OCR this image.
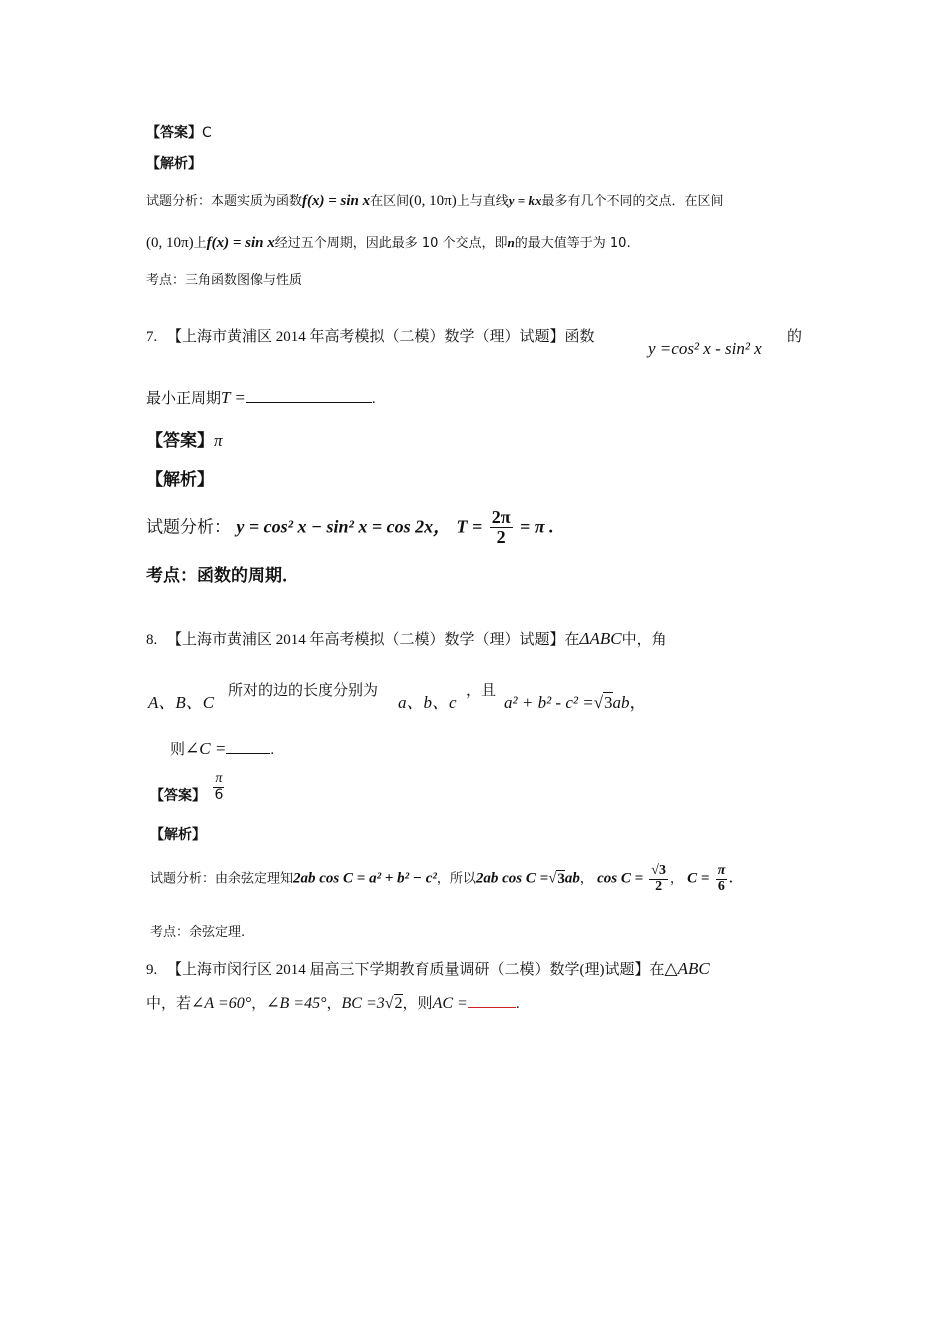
【答案】C
【解析】
试题分析：本题实质为函数f(x) = sin x在区间(0, 10π)上与直线y = kx最多有几个不同的交点．在区间
(0, 10π)上f(x) = sin x经过五个周期，因此最多 10 个交点，即n的最大值等于为 10.
考点：三角函数图像与性质
7. 【上海市黄浦区 2014 年高考模拟（二模）数学（理）试题】函数
y =cos² x - sin² x
的
最小正周期T =	.
【答案】π
【解析】
试题分析： y = cos² x − sin² x = cos 2x， $T = \frac{2\pi}{2} = \pi$ .
考点：函数的周期．
8. 【上海市黄浦区 2014 年高考模拟（二模）数学（理）试题】在ΔABC中，角
A、B、C
所对的边的长度分别为
a、b、c
，且
a² + b² - c² =√3ab，
则∠C =	.
【答案】 $\frac{\pi}{6}$
【解析】
试题分析：由余弦定理知2ab cos C = a² + b² − c²，所以2ab cos C =√3ab， $\cos C = \frac{√3}{2}$ ， $C = \frac{\pi}{6}$ .
考点：余弦定理.
9. 【上海市闵行区 2014 届高三下学期教育质量调研（二模）数学(理)试题】在△ABC
中，若∠A =60°，∠B =45°，BC =3√2，则AC =	.
